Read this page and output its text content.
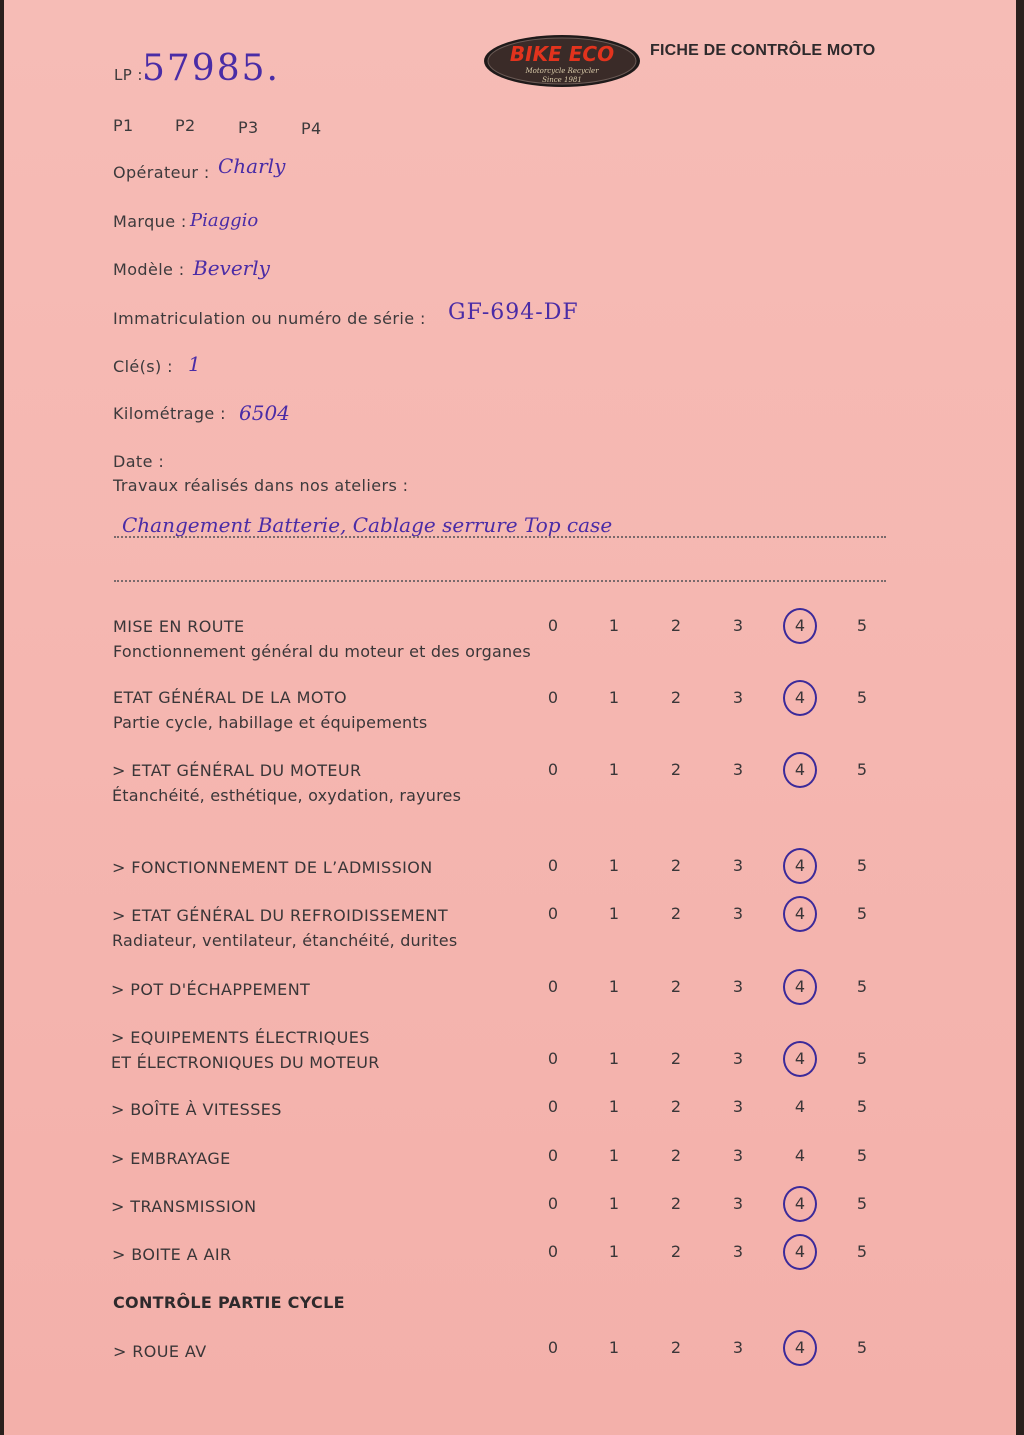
LP : 57985.	BIKE ECO
Motorcycle Recycler
Since 1981
FICHE DE CONTRÔLE MOTO
P1	P2	P3	P4
Opérateur : Charly
Marque : Piaggio
Modèle : Beverly
Immatriculation ou numéro de série : GF-694-DF
Clé(s) : 1
Kilométrage : 6504
Date :
Travaux réalisés dans nos ateliers :
Changement Batterie, Cablage serrure Top case
MISE EN ROUTE
Fonctionnement général du moteur et des organes
0	1	2	3	4	5
ETAT GÉNÉRAL DE LA MOTO
Partie cycle, habillage et équipements
0	1	2	3	4	5
> ETAT GÉNÉRAL DU MOTEUR
Étanchéité, esthétique, oxydation, rayures
0	1	2	3	4	5
> FONCTIONNEMENT DE L’ADMISSION	0	1	2	3	4	5
> ETAT GÉNÉRAL DU REFROIDISSEMENT
Radiateur, ventilateur, étanchéité, durites
0	1	2	3	4	5
> POT D'ÉCHAPPEMENT	0	1	2	3	4	5
> EQUIPEMENTS ÉLECTRIQUES
ET ÉLECTRONIQUES DU MOTEUR	0	1	2	3	4	5
> BOÎTE À VITESSES	0	1	2	3	4	5
> EMBRAYAGE	0	1	2	3	4	5
> TRANSMISSION	0	1	2	3	4	5
> BOITE A AIR	0	1	2	3	4	5
CONTRÔLE PARTIE CYCLE
> ROUE AV	0	1	2	3	4	5
